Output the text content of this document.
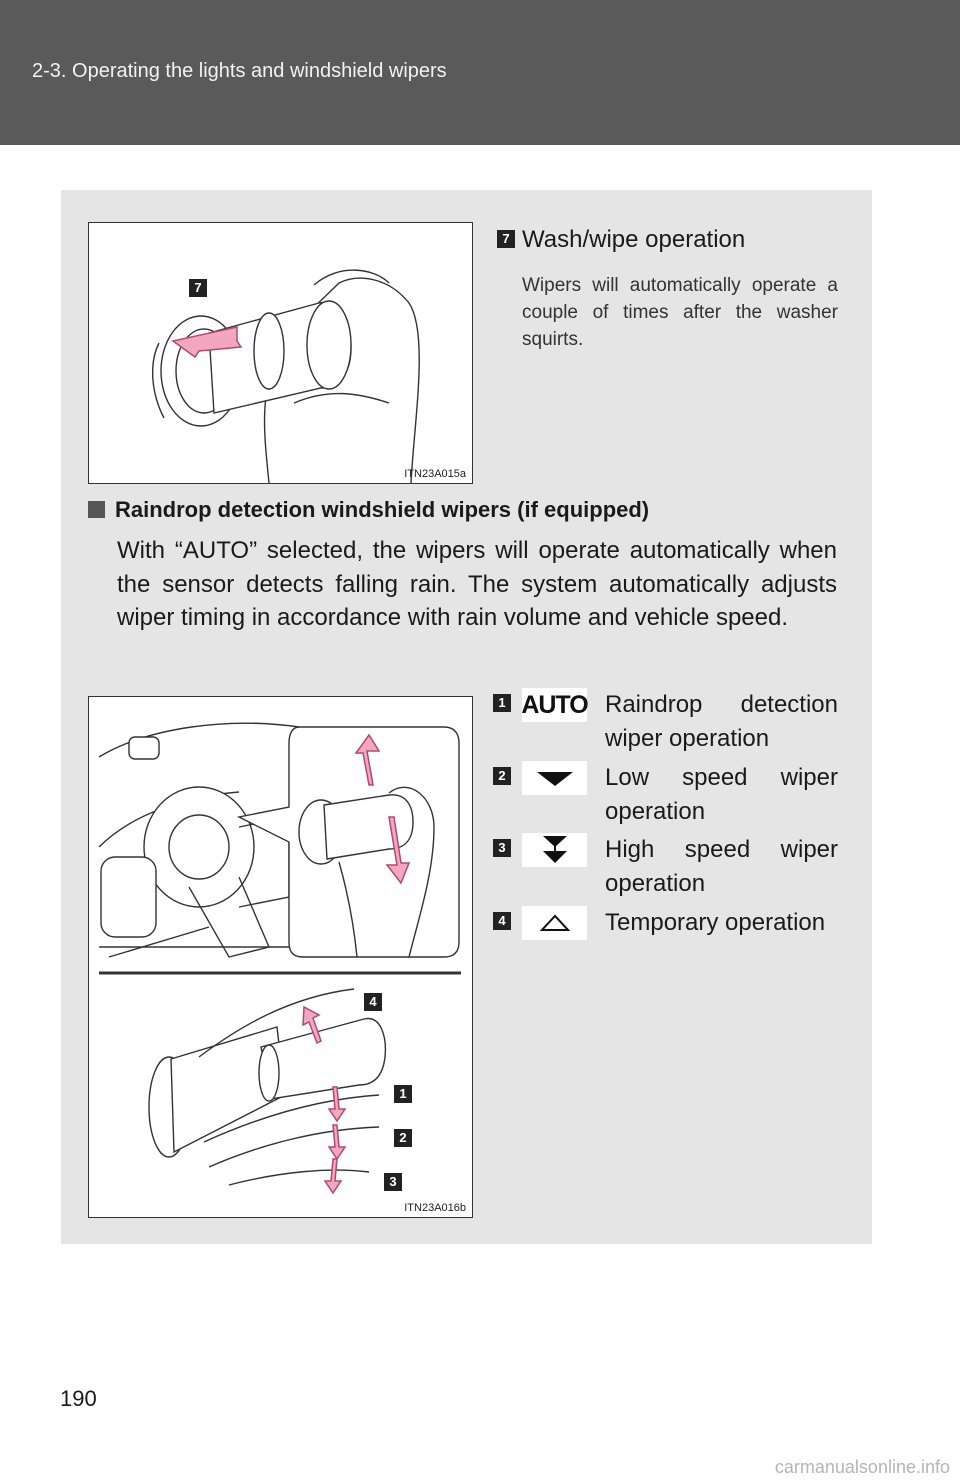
2-3. Operating the lights and windshield wipers
7
ITN23A015a
7 Wash/wipe operation
Wipers will automatically operate a couple of times after the washer squirts.
Raindrop detection windshield wipers (if equipped)
With “AUTO” selected, the wipers will operate automatically when the sensor detects falling rain. The system automatically adjusts wiper timing in accordance with rain volume and vehicle speed.
4
1
2
3
ITN23A016b
1 AUTO Raindrop detection wiper operation
2	Low speed wiper operation
3	High speed wiper operation
4	Temporary operation
190
carmanualsonline.info
